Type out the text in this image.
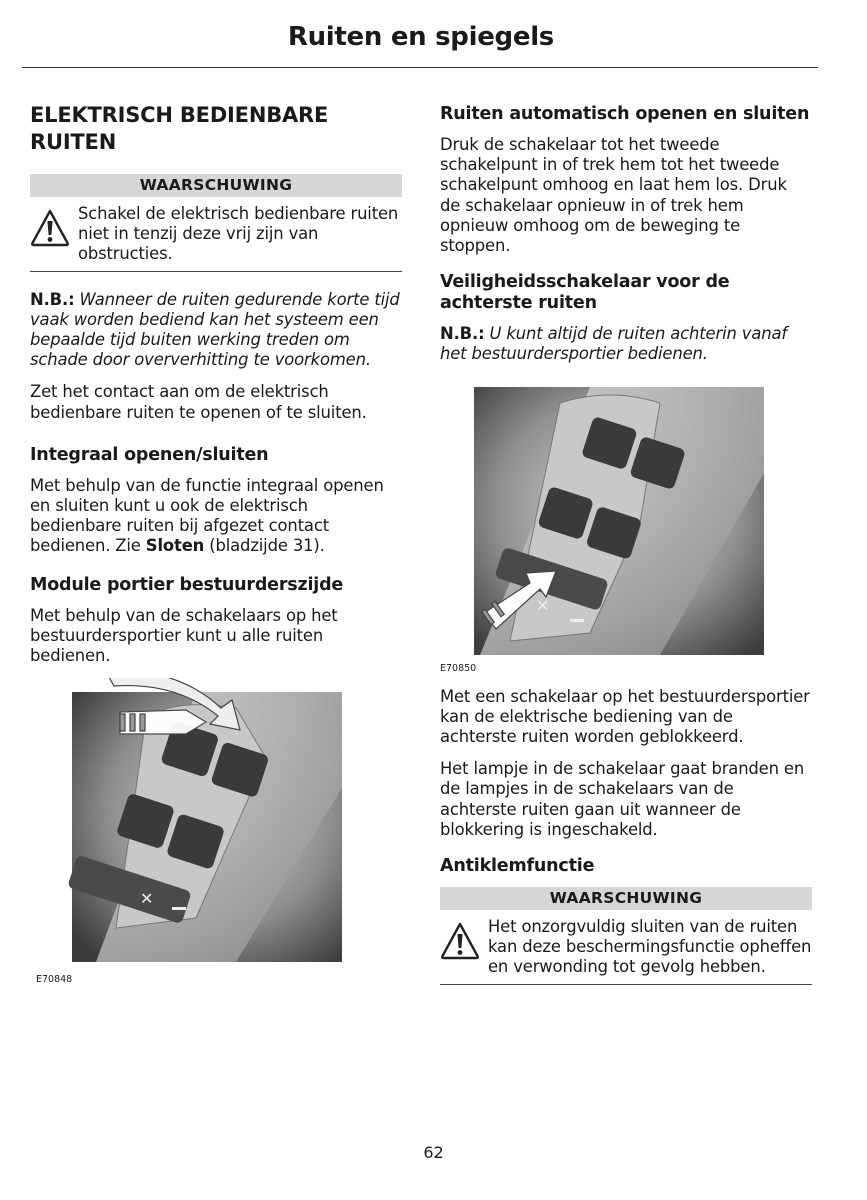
Ruiten en spiegels
ELEKTRISCH BEDIENBARE RUITEN
WAARSCHUWING
Schakel de elektrisch bedienbare ruiten niet in tenzij deze vrij zijn van obstructies.

N.B.: Wanneer de ruiten gedurende korte tijd vaak worden bediend kan het systeem een bepaalde tijd buiten werking treden om schade door oververhitting te voorkomen.

Zet het contact aan om de elektrisch bedienbare ruiten te openen of te sluiten.

Integraal openen/sluiten

Met behulp van de functie integraal openen en sluiten kunt u ook de elektrisch bedienbare ruiten bij afgezet contact bedienen. Zie Sloten (bladzijde 31).

Module portier bestuurderszijde

Met behulp van de schakelaars op het bestuurdersportier kunt u alle ruiten bedienen.

✕
E70848
Ruiten automatisch openen en sluiten

Druk de schakelaar tot het tweede schakelpunt in of trek hem tot het tweede schakelpunt omhoog en laat hem los. Druk de schakelaar opnieuw in of trek hem opnieuw omhoog om de beweging te stoppen.

Veiligheidsschakelaar voor de achterste ruiten

N.B.: U kunt altijd de ruiten achterin vanaf het bestuurdersportier bedienen.

✕
E70850

Met een schakelaar op het bestuurdersportier kan de elektrische bediening van de achterste ruiten worden geblokkeerd.

Het lampje in de schakelaar gaat branden en de lampjes in de schakelaars van de achterste ruiten gaan uit wanneer de blokkering is ingeschakeld.

Antiklemfunctie
WAARSCHUWING
Het onzorgvuldig sluiten van de ruiten kan deze beschermingsfunctie opheffen en verwonding tot gevolg hebben.
62
